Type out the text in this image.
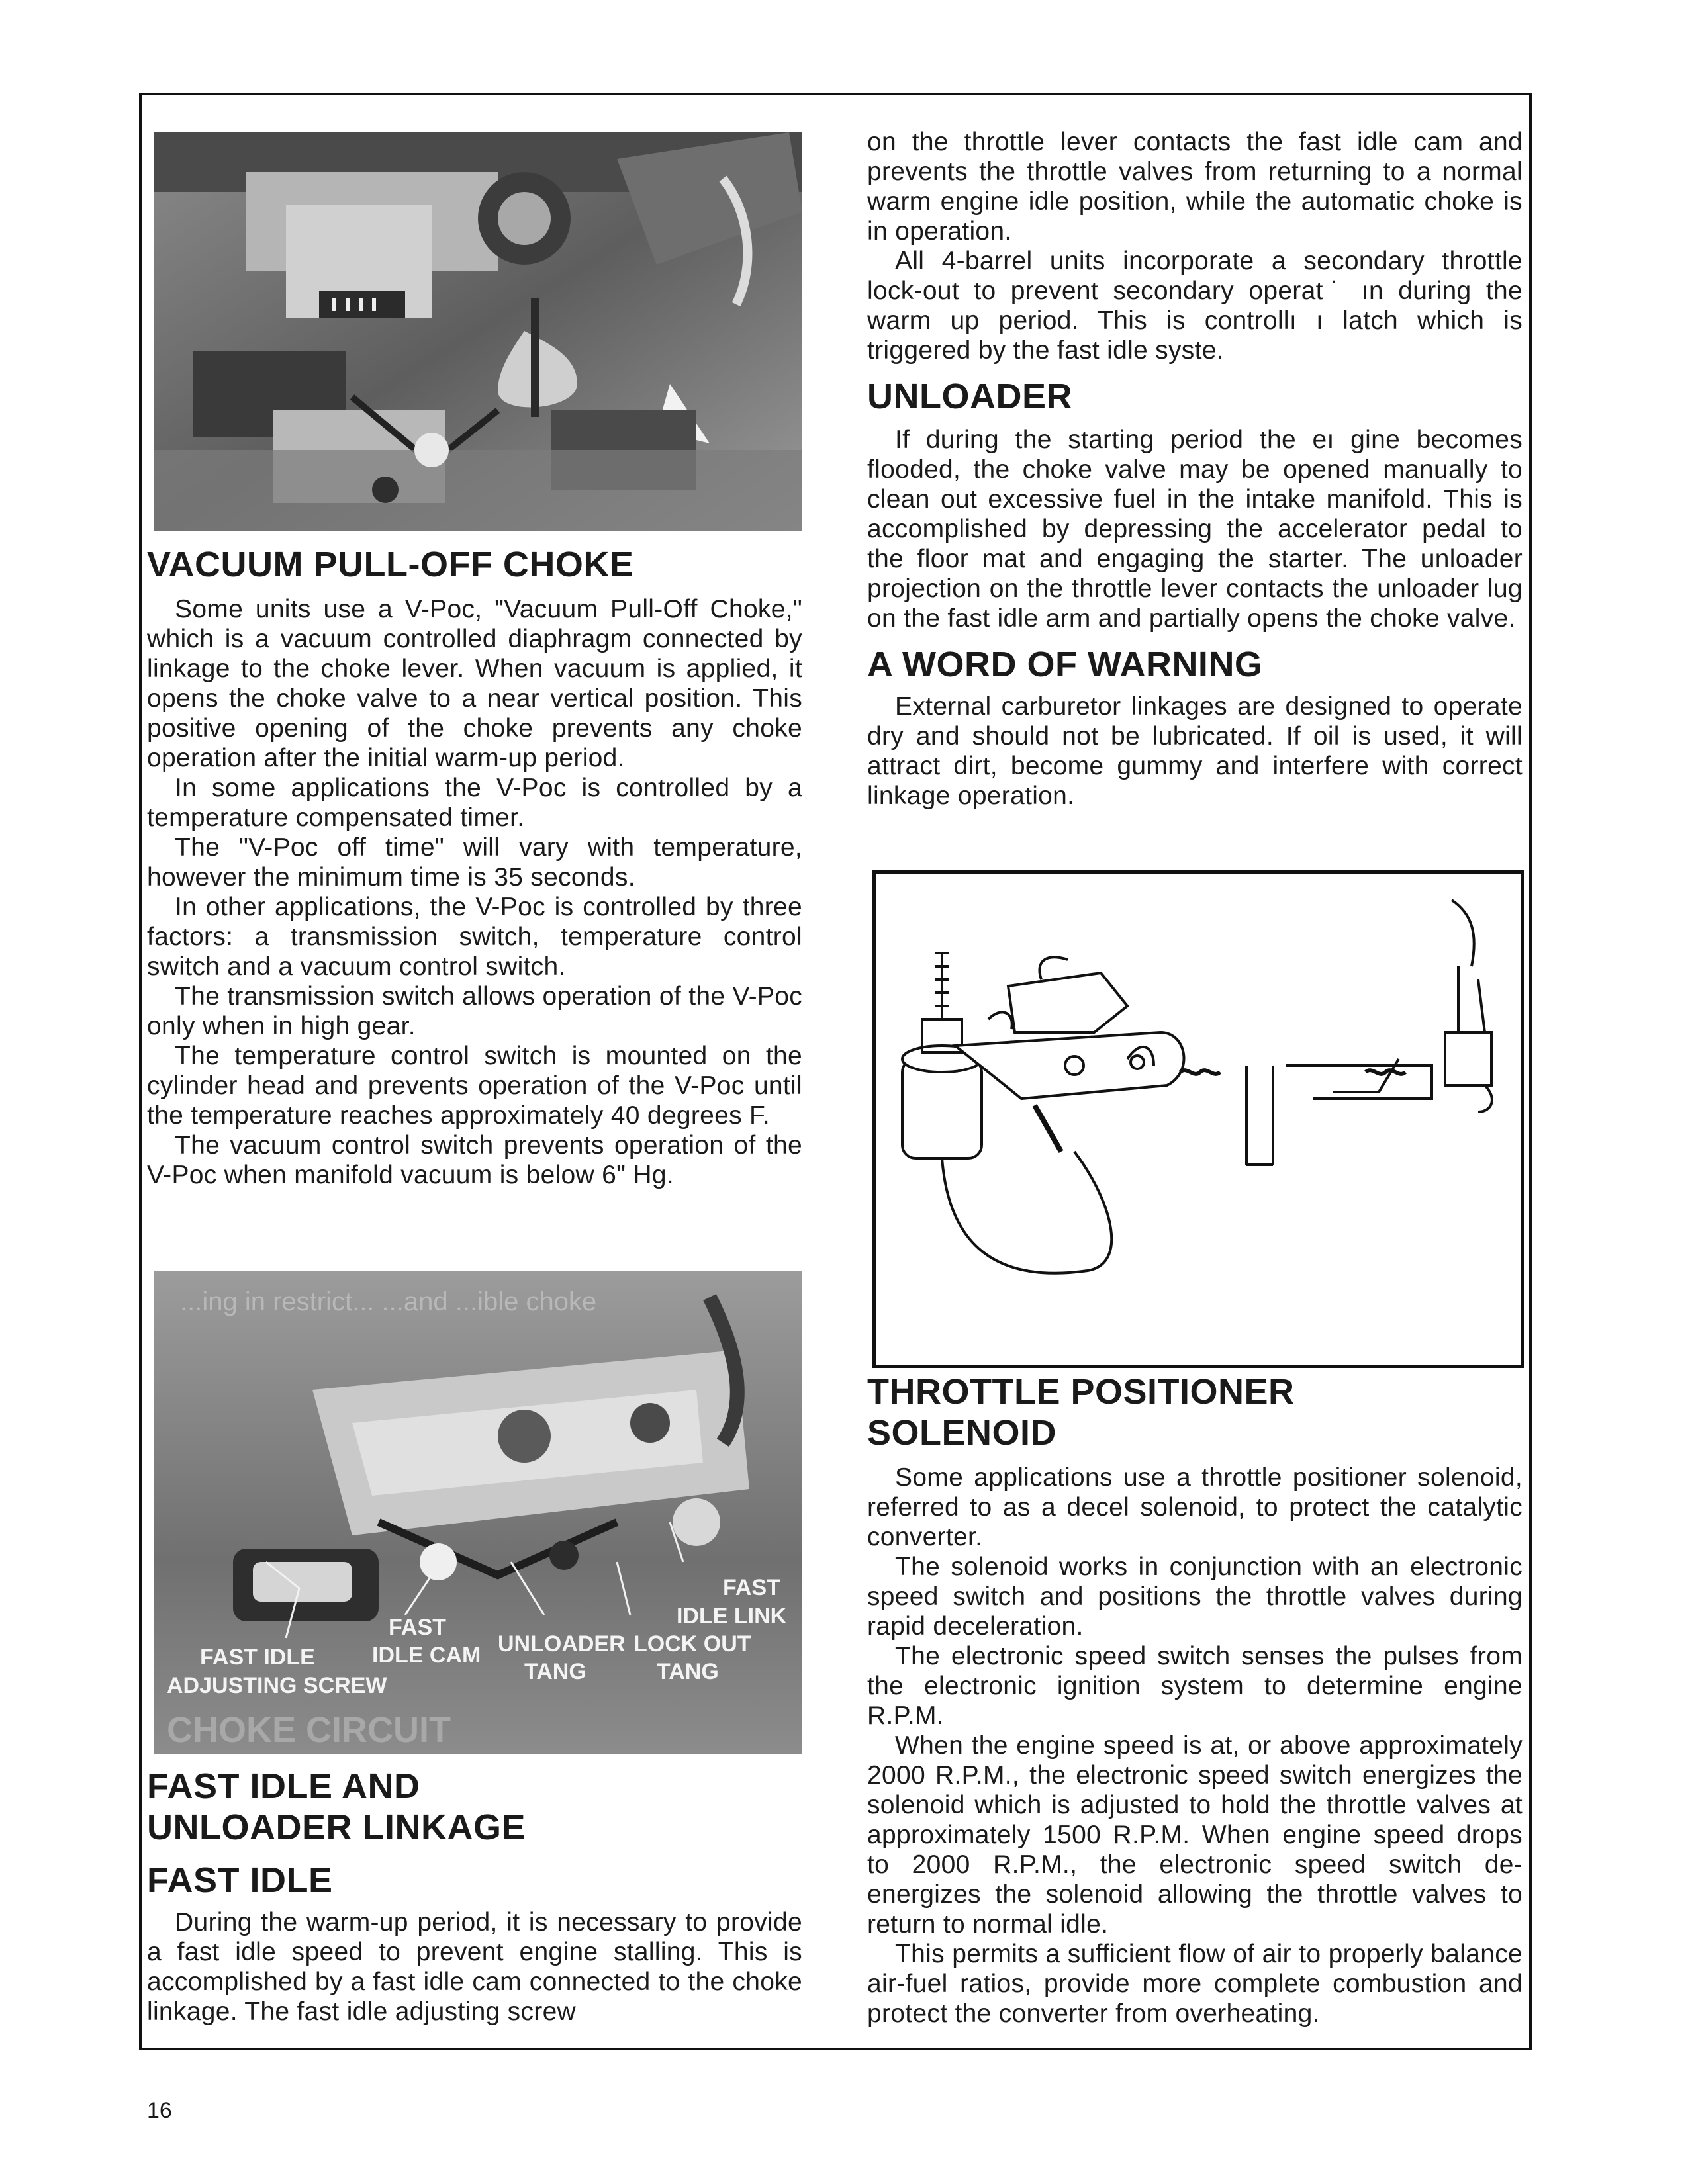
VACUUM PULL-OFF CHOKE

Some units use a V-Poc, "Vacuum Pull-Off Choke," which is a vacuum controlled diaphragm connected by linkage to the choke lever. When vacuum is applied, it opens the choke valve to a near vertical position. This positive opening of the choke prevents any choke operation after the initial warm-up period.

In some applications the V-Poc is controlled by a temperature compensated timer.

The "V-Poc off time" will vary with temperature, however the minimum time is 35 seconds.

In other applications, the V-Poc is controlled by three factors: a transmission switch, temperature control switch and a vacuum control switch.

The transmission switch allows operation of the V-Poc only when in high gear.

The temperature control switch is mounted on the cylinder head and prevents operation of the V-Poc until the temperature reaches approximately 40 degrees F.

The vacuum control switch prevents operation of the V-Poc when manifold vacuum is below 6" Hg.

...ing in restrict... ...and ...ible choke
FAST IDLE
ADJUSTING SCREW
FAST
IDLE CAM UNLOADER
TANG
FAST
IDLE LINK
LOCK OUT
TANG
CHOKE CIRCUIT
FAST IDLE AND
UNLOADER LINKAGE
FAST IDLE

During the warm-up period, it is necessary to provide a fast idle speed to prevent engine stalling. This is accomplished by a fast idle cam connected to the choke linkage. The fast idle adjusting screw

on the throttle lever contacts the fast idle cam and prevents the throttle valves from returning to a normal warm engine idle position, while the automatic choke is in operation.

All 4-barrel units incorporate a secondary throttle lock-out to prevent secondary operat˙ ın during the warm up period. This is controllı ı latch which is triggered by the fast idle syste.

UNLOADER

If during the starting period the eı gine becomes flooded, the choke valve may be opened manually to clean out excessive fuel in the intake manifold. This is accomplished by depressing the accelerator pedal to the floor mat and engaging the starter. The unloader projection on the throttle lever contacts the unloader lug on the fast idle arm and partially opens the choke valve.

A WORD OF WARNING

External carburetor linkages are designed to operate dry and should not be lubricated. If oil is used, it will attract dirt, become gummy and interfere with correct linkage operation.

THROTTLE POSITIONER
SOLENOID

Some applications use a throttle positioner solenoid, referred to as a decel solenoid, to protect the catalytic converter.

The solenoid works in conjunction with an electronic speed switch and positions the throttle valves during rapid deceleration.

The electronic speed switch senses the pulses from the electronic ignition system to determine engine R.P.M.

When the engine speed is at, or above approximately 2000 R.P.M., the electronic speed switch energizes the solenoid which is adjusted to hold the throttle valves at approximately 1500 R.P.M. When engine speed drops to 2000 R.P.M., the electronic speed switch de-energizes the solenoid allowing the throttle valves to return to normal idle.

This permits a sufficient flow of air to properly balance air-fuel ratios, provide more complete combustion and protect the converter from overheating.

16
